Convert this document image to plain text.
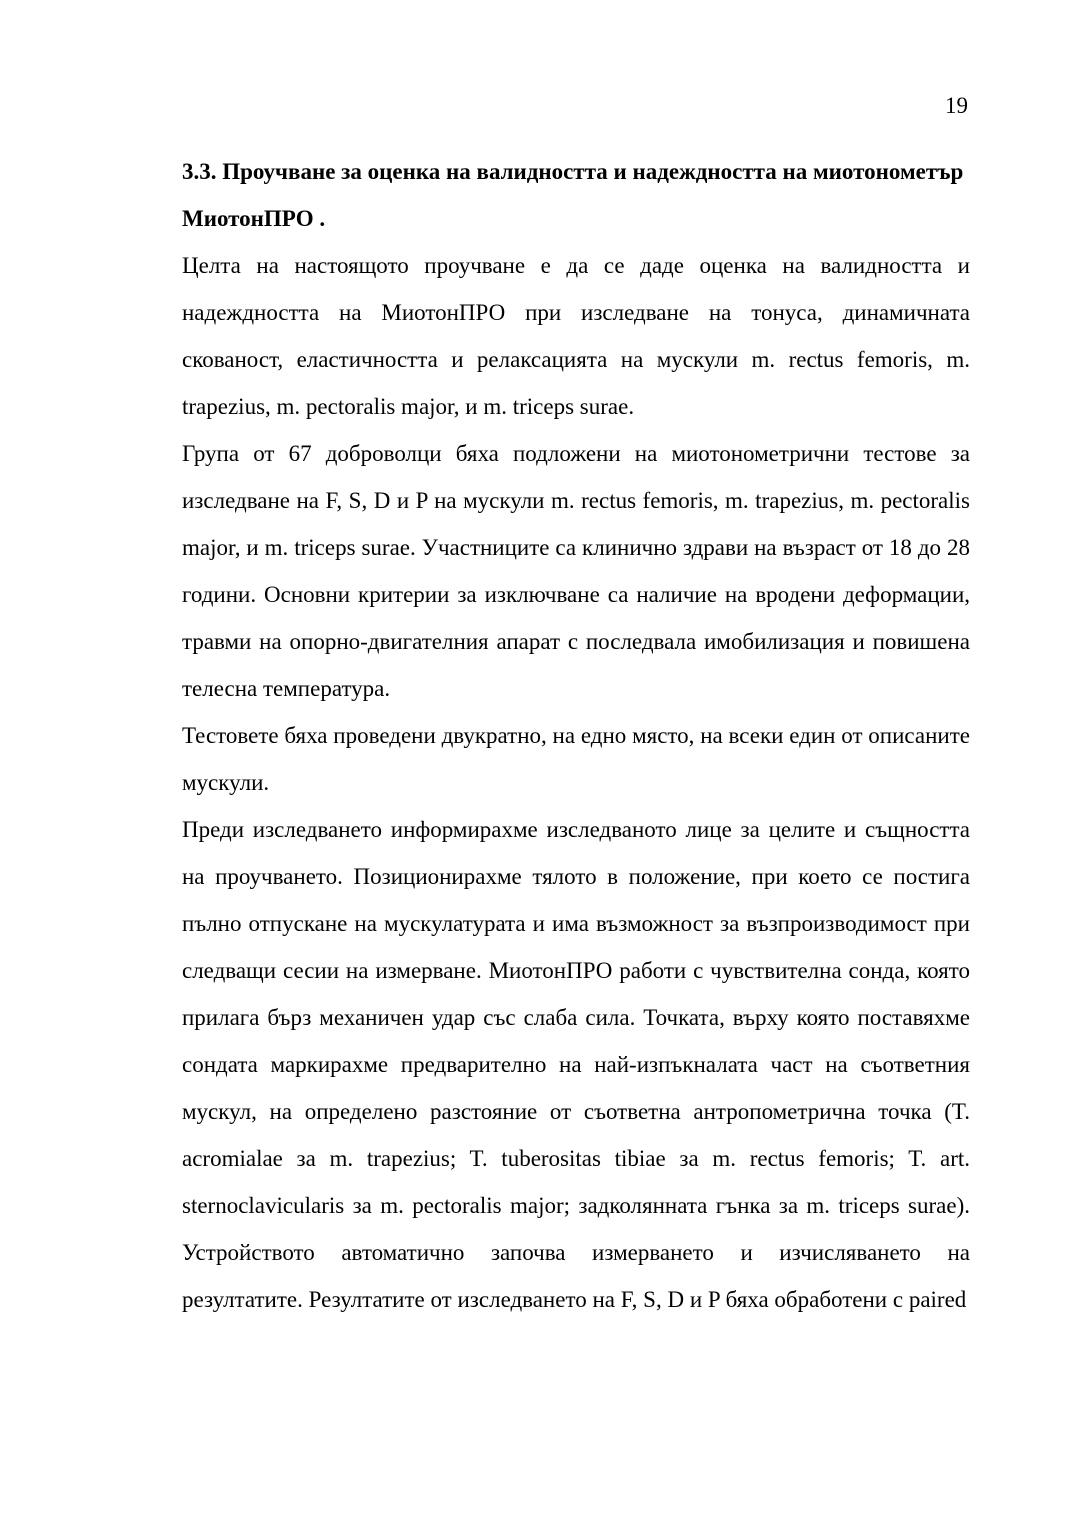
19
3.3. Проучване за оценка на валидността и надеждността на миотонометър МиотонПРО .

Целта на настоящото проучване е да се даде оценка на валидността и надеждността на МиотонПРО при изследване на тонуса, динамичната скованост, еластичността и релаксацията на мускули m. rectus femoris, m. trapezius, m. pectoralis major, и m. triceps surae.

Група от 67 доброволци бяха подложени на миотонометрични тестове за изследване на F, S, D и P на мускули m. rectus femoris, m. trapezius, m. pectoralis major, и m. triceps surae. Участниците са клинично здрави на възраст от 18 до 28 години. Основни критерии за изключване са наличие на вродени деформации, травми на опорно-двигателния апарат с последвала имобилизация и повишена телесна температура.

Тестовете бяха проведени двукратно, на едно място, на всеки един от описаните мускули.

Преди изследването информирахме изследваното лице за целите и същността на проучването. Позиционирахме тялото в положение, при което се постига пълно отпускане на мускулатурата и има възможност за възпроизводимост при следващи сесии на измерване. МиотонПРО работи с чувствителна сонда, която прилага бърз механичен удар със слаба сила. Точката, върху която поставяхме сондата маркирахме предварително на най-изпъкналата част на съответния мускул, на определено разстояние от съответна антропометрична точка (T. acromialae за m. trapezius; T. tuberositas tibiae за m. rectus femoris; T. art. sternoclavicularis за m. pectoralis major; задколянната гънка за m. triceps surae). Устройството автоматично започва измерването и изчисляването на резултатите. Резултатите от изследването на F, S, D и P бяха обработени с paired
